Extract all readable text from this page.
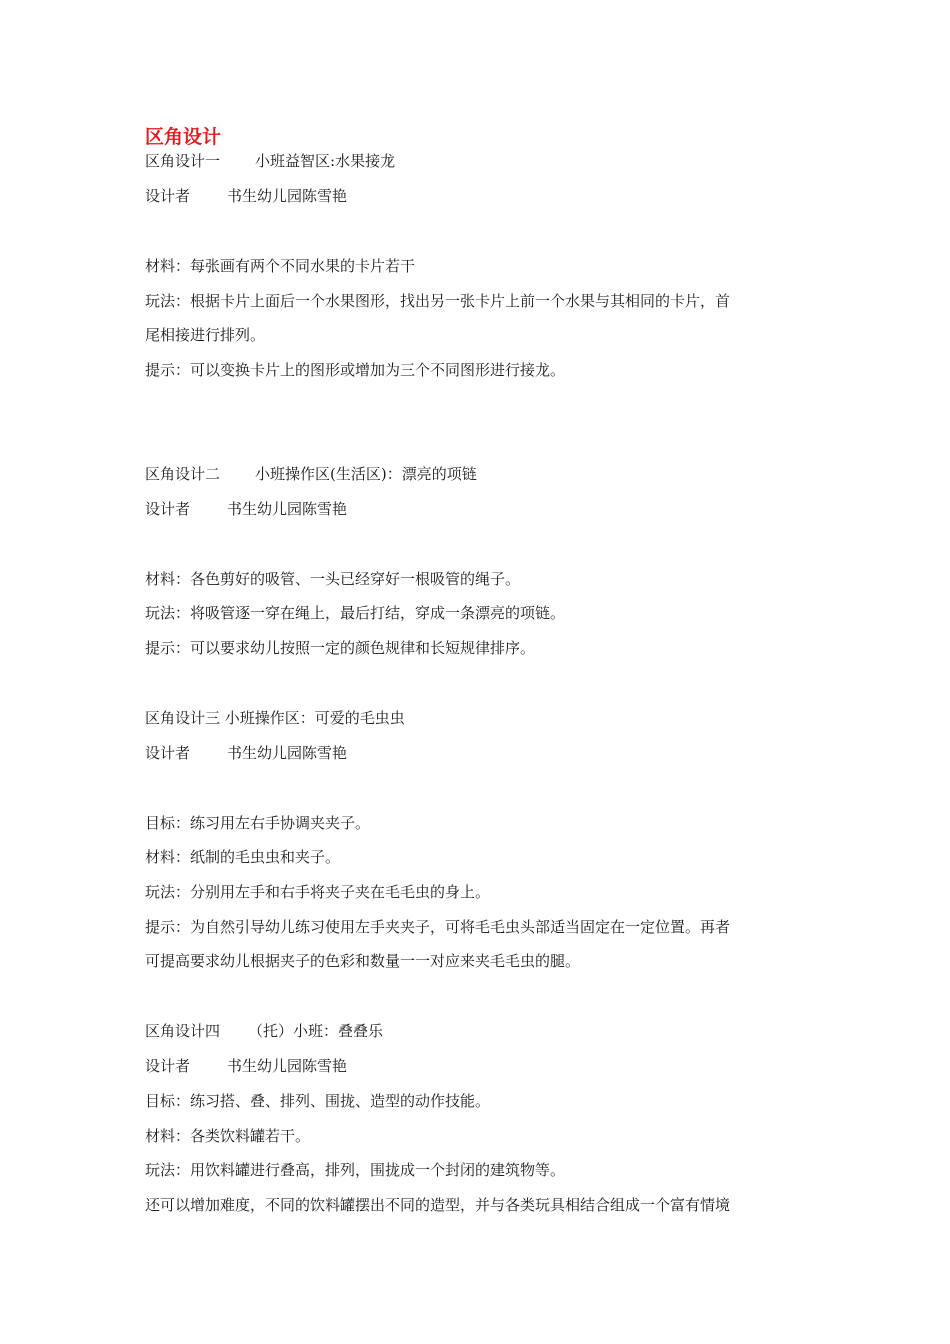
区角设计
区角设计一 小班益智区:水果接龙
设计者 书生幼儿园陈雪艳
材料：每张画有两个不同水果的卡片若干
玩法：根据卡片上面后一个水果图形，找出另一张卡片上前一个水果与其相同的卡片，首
尾相接进行排列。
提示：可以变换卡片上的图形或增加为三个不同图形进行接龙。
区角设计二 小班操作区(生活区)：漂亮的项链
设计者 书生幼儿园陈雪艳
材料：各色剪好的吸管、一头已经穿好一根吸管的绳子。
玩法：将吸管逐一穿在绳上，最后打结，穿成一条漂亮的项链。
提示：可以要求幼儿按照一定的颜色规律和长短规律排序。
区角设计三 小班操作区：可爱的毛虫虫
设计者 书生幼儿园陈雪艳
目标：练习用左右手协调夹夹子。
材料：纸制的毛虫虫和夹子。
玩法：分别用左手和右手将夹子夹在毛毛虫的身上。
提示：为自然引导幼儿练习使用左手夹夹子，可将毛毛虫头部适当固定在一定位置。再者
可提高要求幼儿根据夹子的色彩和数量一一对应来夹毛毛虫的腿。
区角设计四 （托）小班：叠叠乐
设计者 书生幼儿园陈雪艳
目标：练习搭、叠、排列、围拢、造型的动作技能。
材料：各类饮料罐若干。
玩法：用饮料罐进行叠高，排列，围拢成一个封闭的建筑物等。
还可以增加难度，不同的饮料罐摆出不同的造型，并与各类玩具相结合组成一个富有情境
